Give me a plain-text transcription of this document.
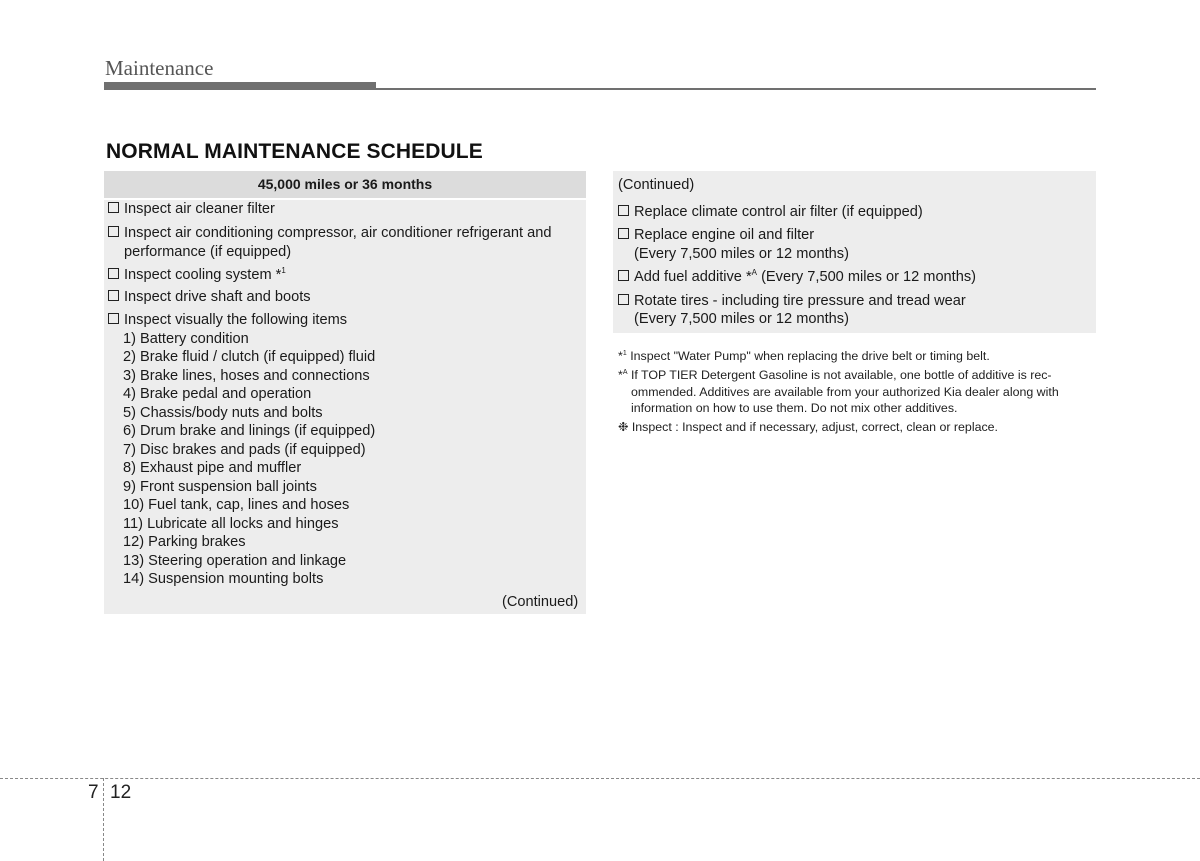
Maintenance
NORMAL MAINTENANCE SCHEDULE
45,000 miles or 36 months
Inspect air cleaner filter
Inspect air conditioning compressor, air conditioner refrigerant and
performance (if equipped)
Inspect cooling system *$^1$
Inspect drive shaft and boots
Inspect visually the following items
1) Battery condition
2) Brake fluid / clutch (if equipped) fluid
3) Brake lines, hoses and connections
4) Brake pedal and operation
5) Chassis/body nuts and bolts
6) Drum brake and linings (if equipped)
7) Disc brakes and pads (if equipped)
8) Exhaust pipe and muffler
9) Front suspension ball joints
10) Fuel tank, cap, lines and hoses
11) Lubricate all locks and hinges
12) Parking brakes
13) Steering operation and linkage
14) Suspension mounting bolts
(Continued)
(Continued)
Replace climate control air filter (if equipped)
Replace engine oil and filter
(Every 7,500 miles or 12 months)
Add fuel additive *$^A$ (Every 7,500 miles or 12 months)
Rotate tires - including tire pressure and tread wear
(Every 7,500 miles or 12 months)
*$^1$ Inspect "Water Pump" when replacing the drive belt or timing belt.
*$^A$ If TOP TIER Detergent Gasoline is not available, one bottle of additive is rec-
ommended. Additives are available from your authorized Kia dealer along with
information on how to use them. Do not mix other additives.
❉ Inspect : Inspect and if necessary, adjust, correct, clean or replace.
7 12
